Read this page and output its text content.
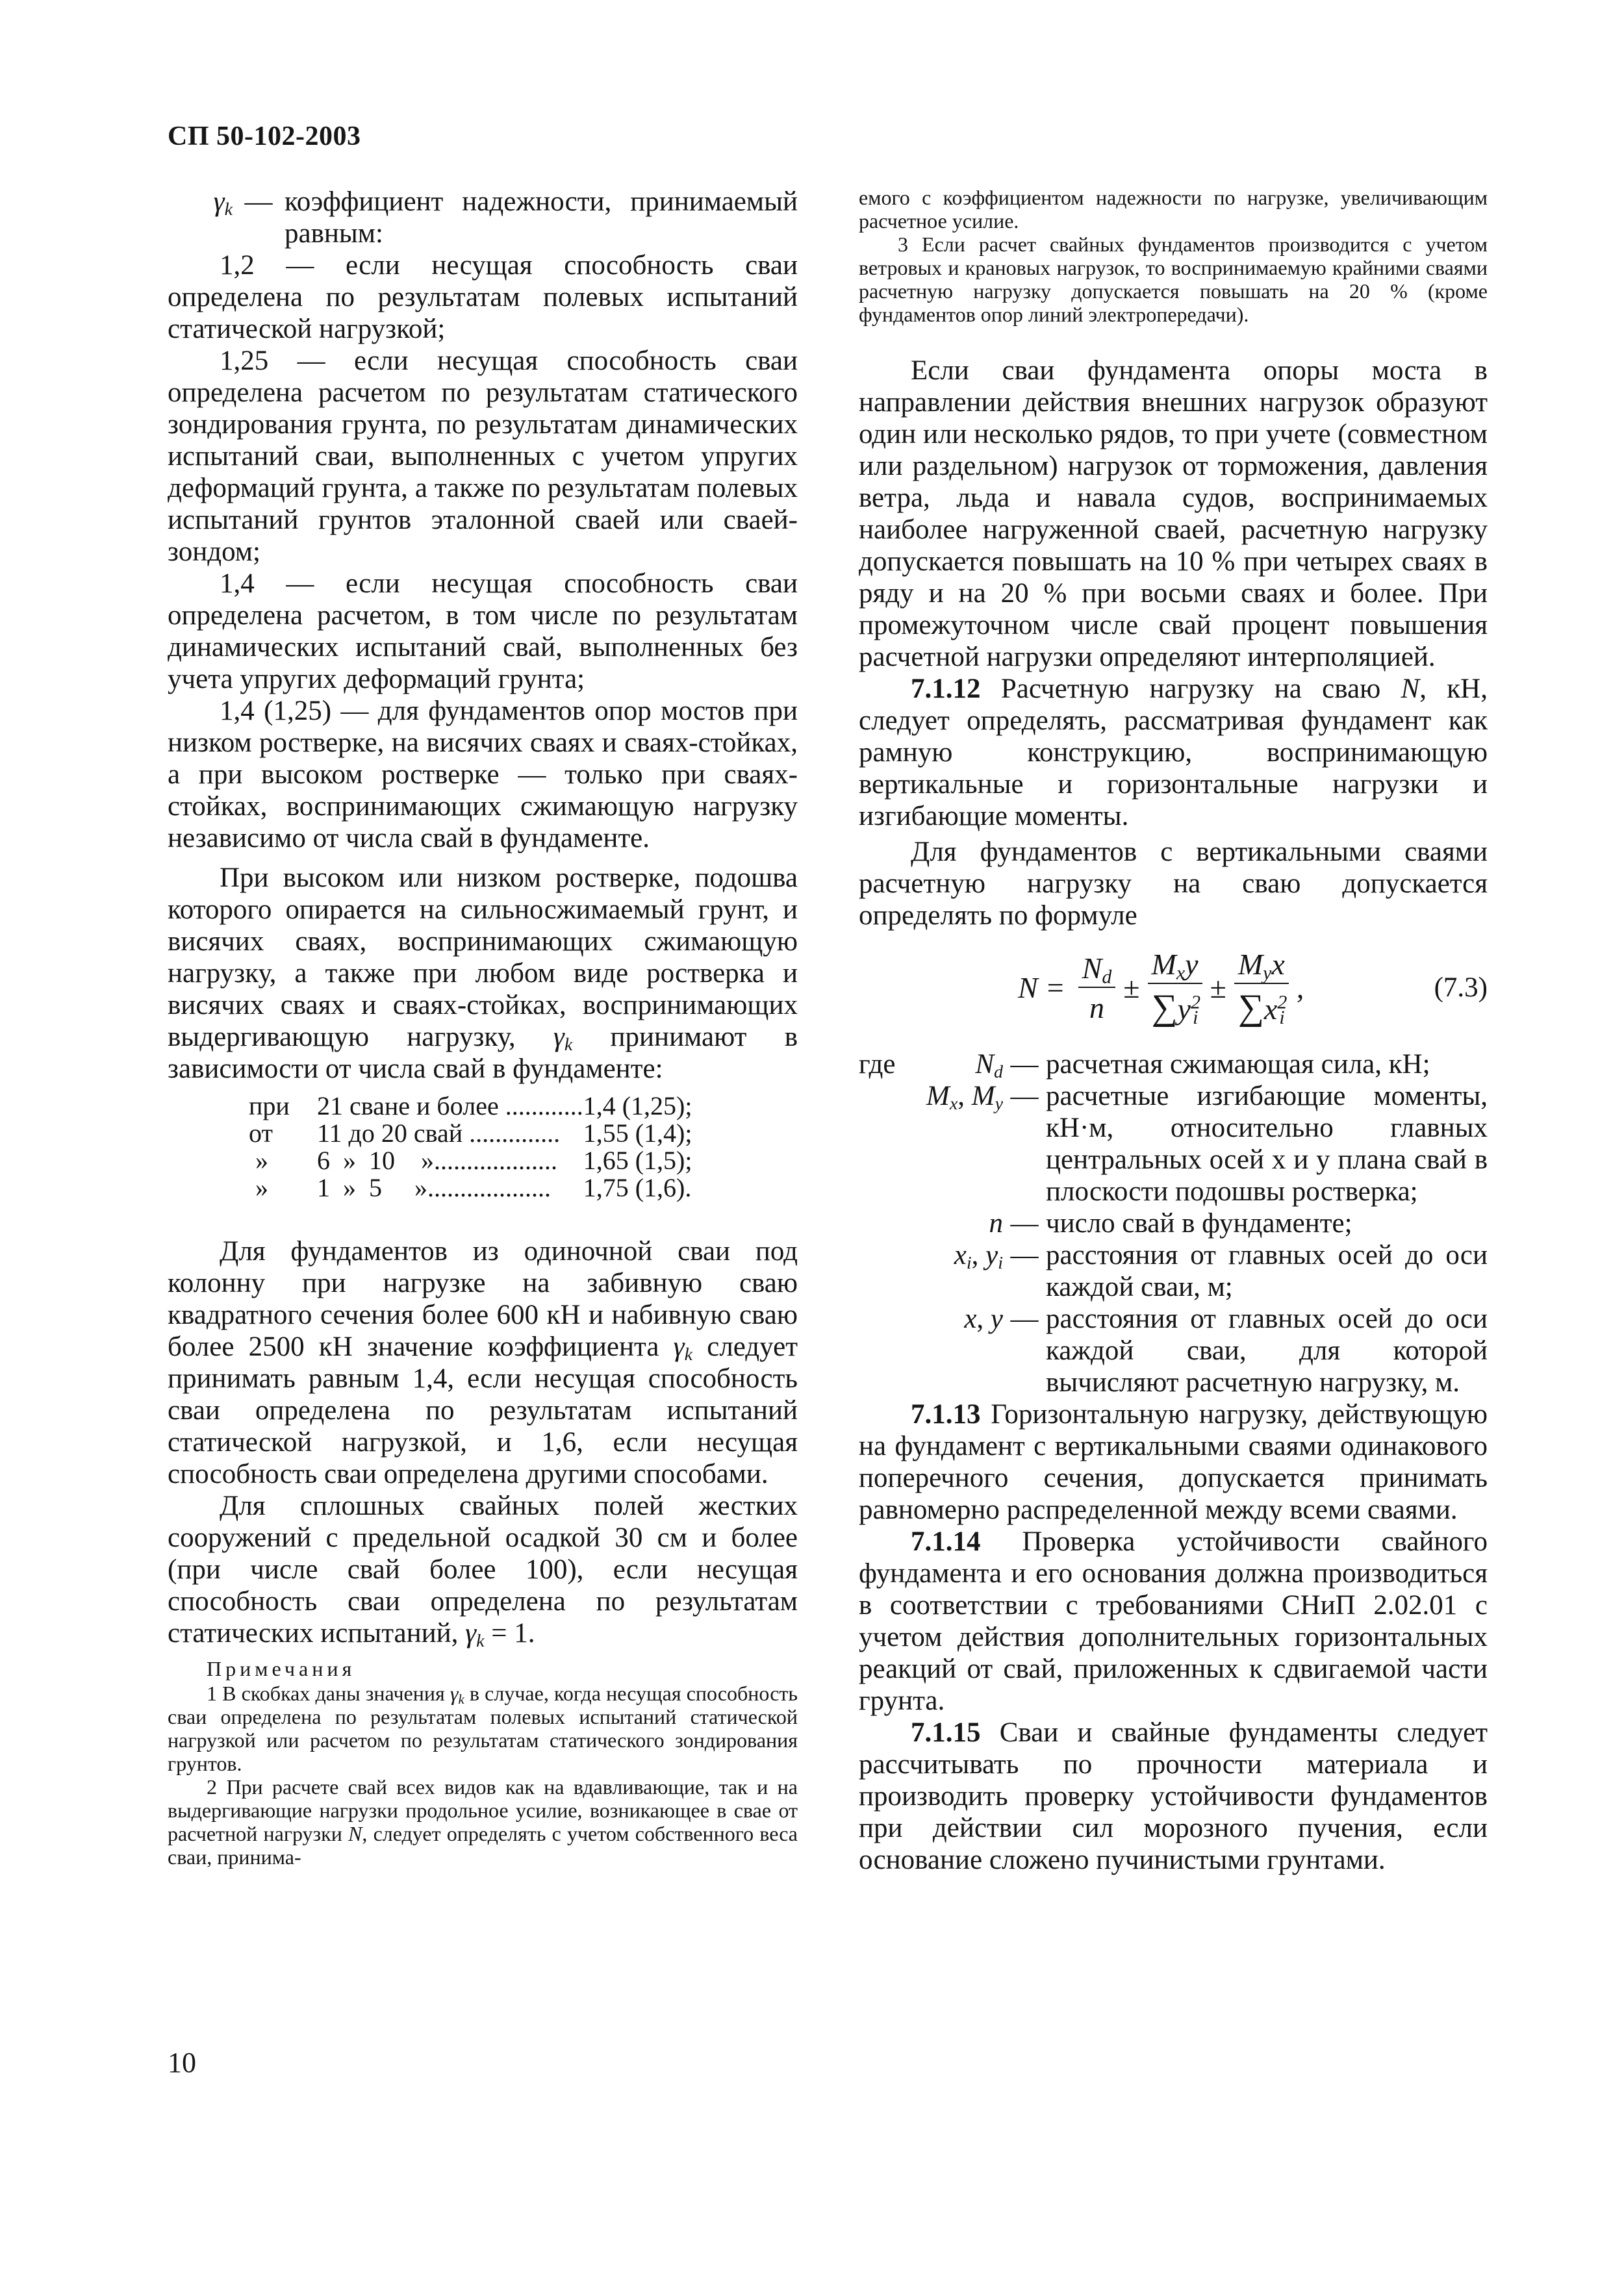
СП 50-102-2003
$\gamma_k$ — коэффициент надежности, принимаемый равным:

1,2 — если несущая способность сваи определена по результатам полевых испытаний статической нагрузкой;

1,25 — если несущая способность сваи определена расчетом по результатам статического зондирования грунта, по результатам динамических испытаний сваи, выполненных с учетом упругих деформаций грунта, а также по результатам полевых испытаний грунтов эталонной сваей или сваей-зондом;

1,4 — если несущая способность сваи определена расчетом, в том числе по результатам динамических испытаний свай, выполненных без учета упругих деформаций грунта;

1,4 (1,25) — для фундаментов опор мостов при низком ростверке, на висячих сваях и сваях-стойках, а при высоком ростверке — только при сваях-стойках, воспринимающих сжимающую нагрузку независимо от числа свай в фундаменте.

При высоком или низком ростверке, подошва которого опирается на сильносжимаемый грунт, и висячих сваях, воспринимающих сжимающую нагрузку, а также при любом виде ростверка и висячих сваях и сваях-стойках, воспринимающих выдергивающую нагрузку, $\gamma_k$ принимают в зависимости от числа свай в фундаменте:

при	21 сване и более ............	1,4 (1,25);
от	11 до 20 свай ..............	1,55 (1,4);
»	6  »  10    »...................	1,65 (1,5);
»	1  »  5     »...................	1,75 (1,6).

Для фундаментов из одиночной сваи под колонну при нагрузке на забивную сваю квадратного сечения более 600 кН и набивную сваю более 2500 кН значение коэффициента $\gamma_k$ следует принимать равным 1,4, если несущая способность сваи определена по результатам испытаний статической нагрузкой, и 1,6, если несущая способность сваи определена другими способами.

Для сплошных свайных полей жестких сооружений с предельной осадкой 30 см и более (при числе свай более 100), если несущая способность сваи определена по результатам статических испытаний, $\gamma_k = 1$.

Примечания

1 В скобках даны значения $\gamma_k$ в случае, когда несущая способность сваи определена по результатам полевых испытаний статической нагрузкой или расчетом по результатам статического зондирования грунтов.

2 При расчете свай всех видов как на вдавливающие, так и на выдергивающие нагрузки продольное усилие, возникающее в свае от расчетной нагрузки N, следует определять с учетом собственного веса сваи, принима-

емого с коэффициентом надежности по нагрузке, увеличивающим расчетное усилие.

3 Если расчет свайных фундаментов производится с учетом ветровых и крановых нагрузок, то воспринимаемую крайними сваями расчетную нагрузку допускается повышать на 20 % (кроме фундаментов опор линий электропередачи).

Если сваи фундамента опоры моста в направлении действия внешних нагрузок образуют один или несколько рядов, то при учете (совместном или раздельном) нагрузок от торможения, давления ветра, льда и навала судов, воспринимаемых наиболее нагруженной сваей, расчетную нагрузку допускается повышать на 10 % при четырех сваях в ряду и на 20 % при восьми сваях и более. При промежуточном числе свай процент повышения расчетной нагрузки определяют интерполяцией.

7.1.12 Расчетную нагрузку на сваю N, кН, следует определять, рассматривая фундамент как рамную конструкцию, воспринимающую вертикальные и горизонтальные нагрузки и изгибающие моменты.

Для фундаментов с вертикальными сваями расчетную нагрузку на сваю допускается определять по формуле

$N = \frac{N_d}{n} \pm \frac{M_xy}{\sum y^2_i} \pm \frac{M_yx}{\sum x^2_i}$ ,	(7.3)
где	$N_d$ — расчетная сжимающая сила, кН;
$M_x$, $M_y$ — расчетные изгибающие моменты, кН·м, относительно главных центральных осей x и y плана свай в плоскости подошвы ростверка;
n — число свай в фундаменте;
$x_i$, $y_i$ — расстояния от главных осей до оси каждой сваи, м;
x, y — расстояния от главных осей до оси каждой сваи, для которой вычисляют расчетную нагрузку, м.

7.1.13 Горизонтальную нагрузку, действующую на фундамент с вертикальными сваями одинакового поперечного сечения, допускается принимать равномерно распределенной между всеми сваями.

7.1.14 Проверка устойчивости свайного фундамента и его основания должна производиться в соответствии с требованиями СНиП 2.02.01 с учетом действия дополнительных горизонтальных реакций от свай, приложенных к сдвигаемой части грунта.

7.1.15 Сваи и свайные фундаменты следует рассчитывать по прочности материала и производить проверку устойчивости фундаментов при действии сил морозного пучения, если основание сложено пучинистыми грунтами.

10
